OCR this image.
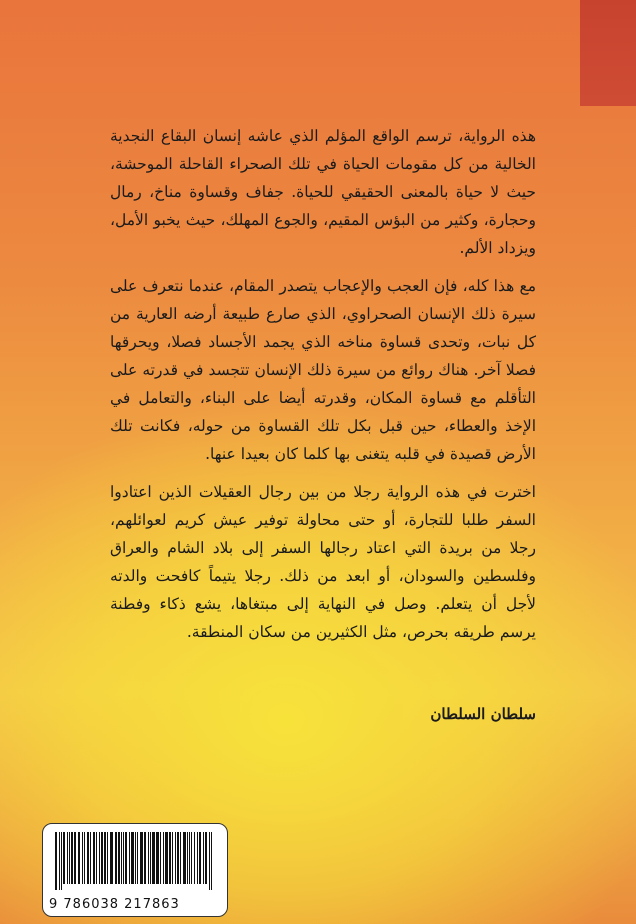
هذه الرواية، ترسم الواقع المؤلم الذي عاشه إنسان البقاع النجدية الخالية من كل مقومات الحياة في تلك الصحراء القاحلة الموحشة، حيث لا حياة بالمعنى الحقيقي للحياة. جفاف وقساوة مناخ، رمال وحجارة، وكثير من البؤس المقيم، والجوع المهلك، حيث يخبو الأمل، ويزداد الألم.

مع هذا كله، فإن العجب والإعجاب يتصدر المقام، عندما نتعرف على سيرة ذلك الإنسان الصحراوي، الذي صارع طبيعة أرضه العارية من كل نبات، وتحدى قساوة مناخه الذي يجمد الأجساد فصلا، ويحرقها فصلا آخر. هناك روائع من سيرة ذلك الإنسان تتجسد في قدرته على التأقلم مع قساوة المكان، وقدرته أيضا على البناء، والتعامل في الإخذ والعطاء، حين قبل بكل تلك القساوة من حوله، فكانت تلك الأرض قصيدة في قلبه يتغنى بها كلما كان بعيدا عنها.

اخترت في هذه الرواية رجلا من بين رجال العقيلات الذين اعتادوا السفر طلبا للتجارة، أو حتى محاولة توفير عيش كريم لعوائلهم، رجلا من بريدة التي اعتاد رجالها السفر إلى بلاد الشام والعراق وفلسطين والسودان، أو ابعد من ذلك. رجلا يتيماً كافحت والدته لأجل أن يتعلم. وصل في النهاية إلى مبتغاها، يشع ذكاء وفطنة يرسم طريقه بحرص، مثل الكثيرين من سكان المنطقة.

سلطان السلطان
9 786038 217863
